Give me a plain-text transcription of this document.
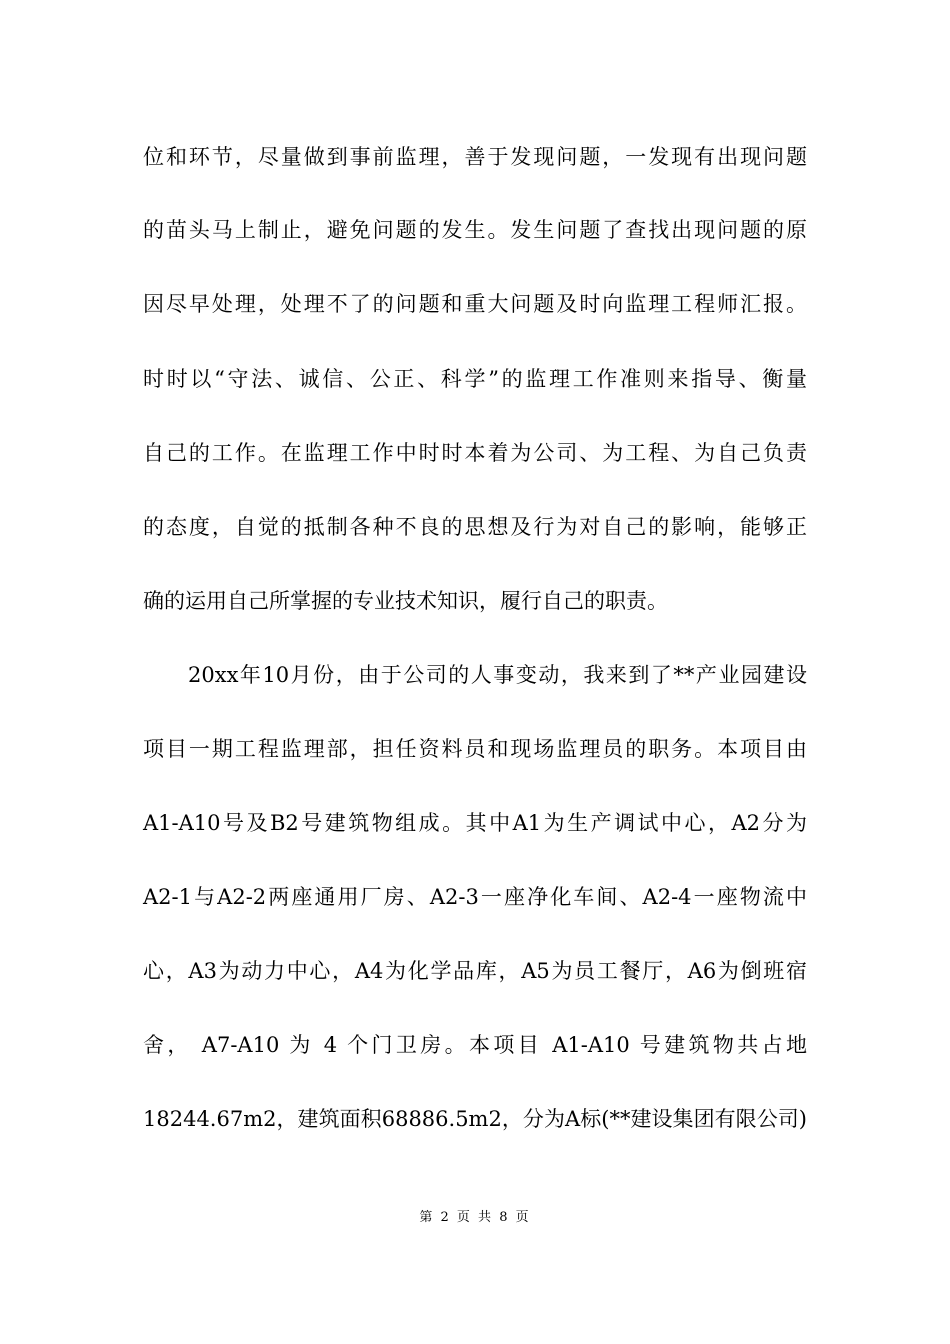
位和环节，尽量做到事前监理，善于发现问题，一发现有出现问题
的苗头马上制止，避免问题的发生。发生问题了查找出现问题的原
因尽早处理，处理不了的问题和重大问题及时向监理工程师汇报。
时时以“守法、诚信、公正、科学”的监理工作准则来指导、衡量
自己的工作。在监理工作中时时本着为公司、为工程、为自己负责
的态度，自觉的抵制各种不良的思想及行为对自己的影响，能够正
确的运用自己所掌握的专业技术知识，履行自己的职责。
20xx年10月份，由于公司的人事变动，我来到了**产业园建设
项目一期工程监理部，担任资料员和现场监理员的职务。本项目由
A1-A10号及B2号建筑物组成。其中A1为生产调试中心，A2分为
A2-1与A2-2两座通用厂房、A2-3一座净化车间、A2-4一座物流中
心，A3为动力中心，A4为化学品库，A5为员工餐厅，A6为倒班宿
舍， A7-A10 为 4 个门卫房。本项目 A1-A10 号建筑物共占地
18244.67m2，建筑面积68886.5m2，分为A标(**建设集团有限公司)
第 2 页 共 8 页
